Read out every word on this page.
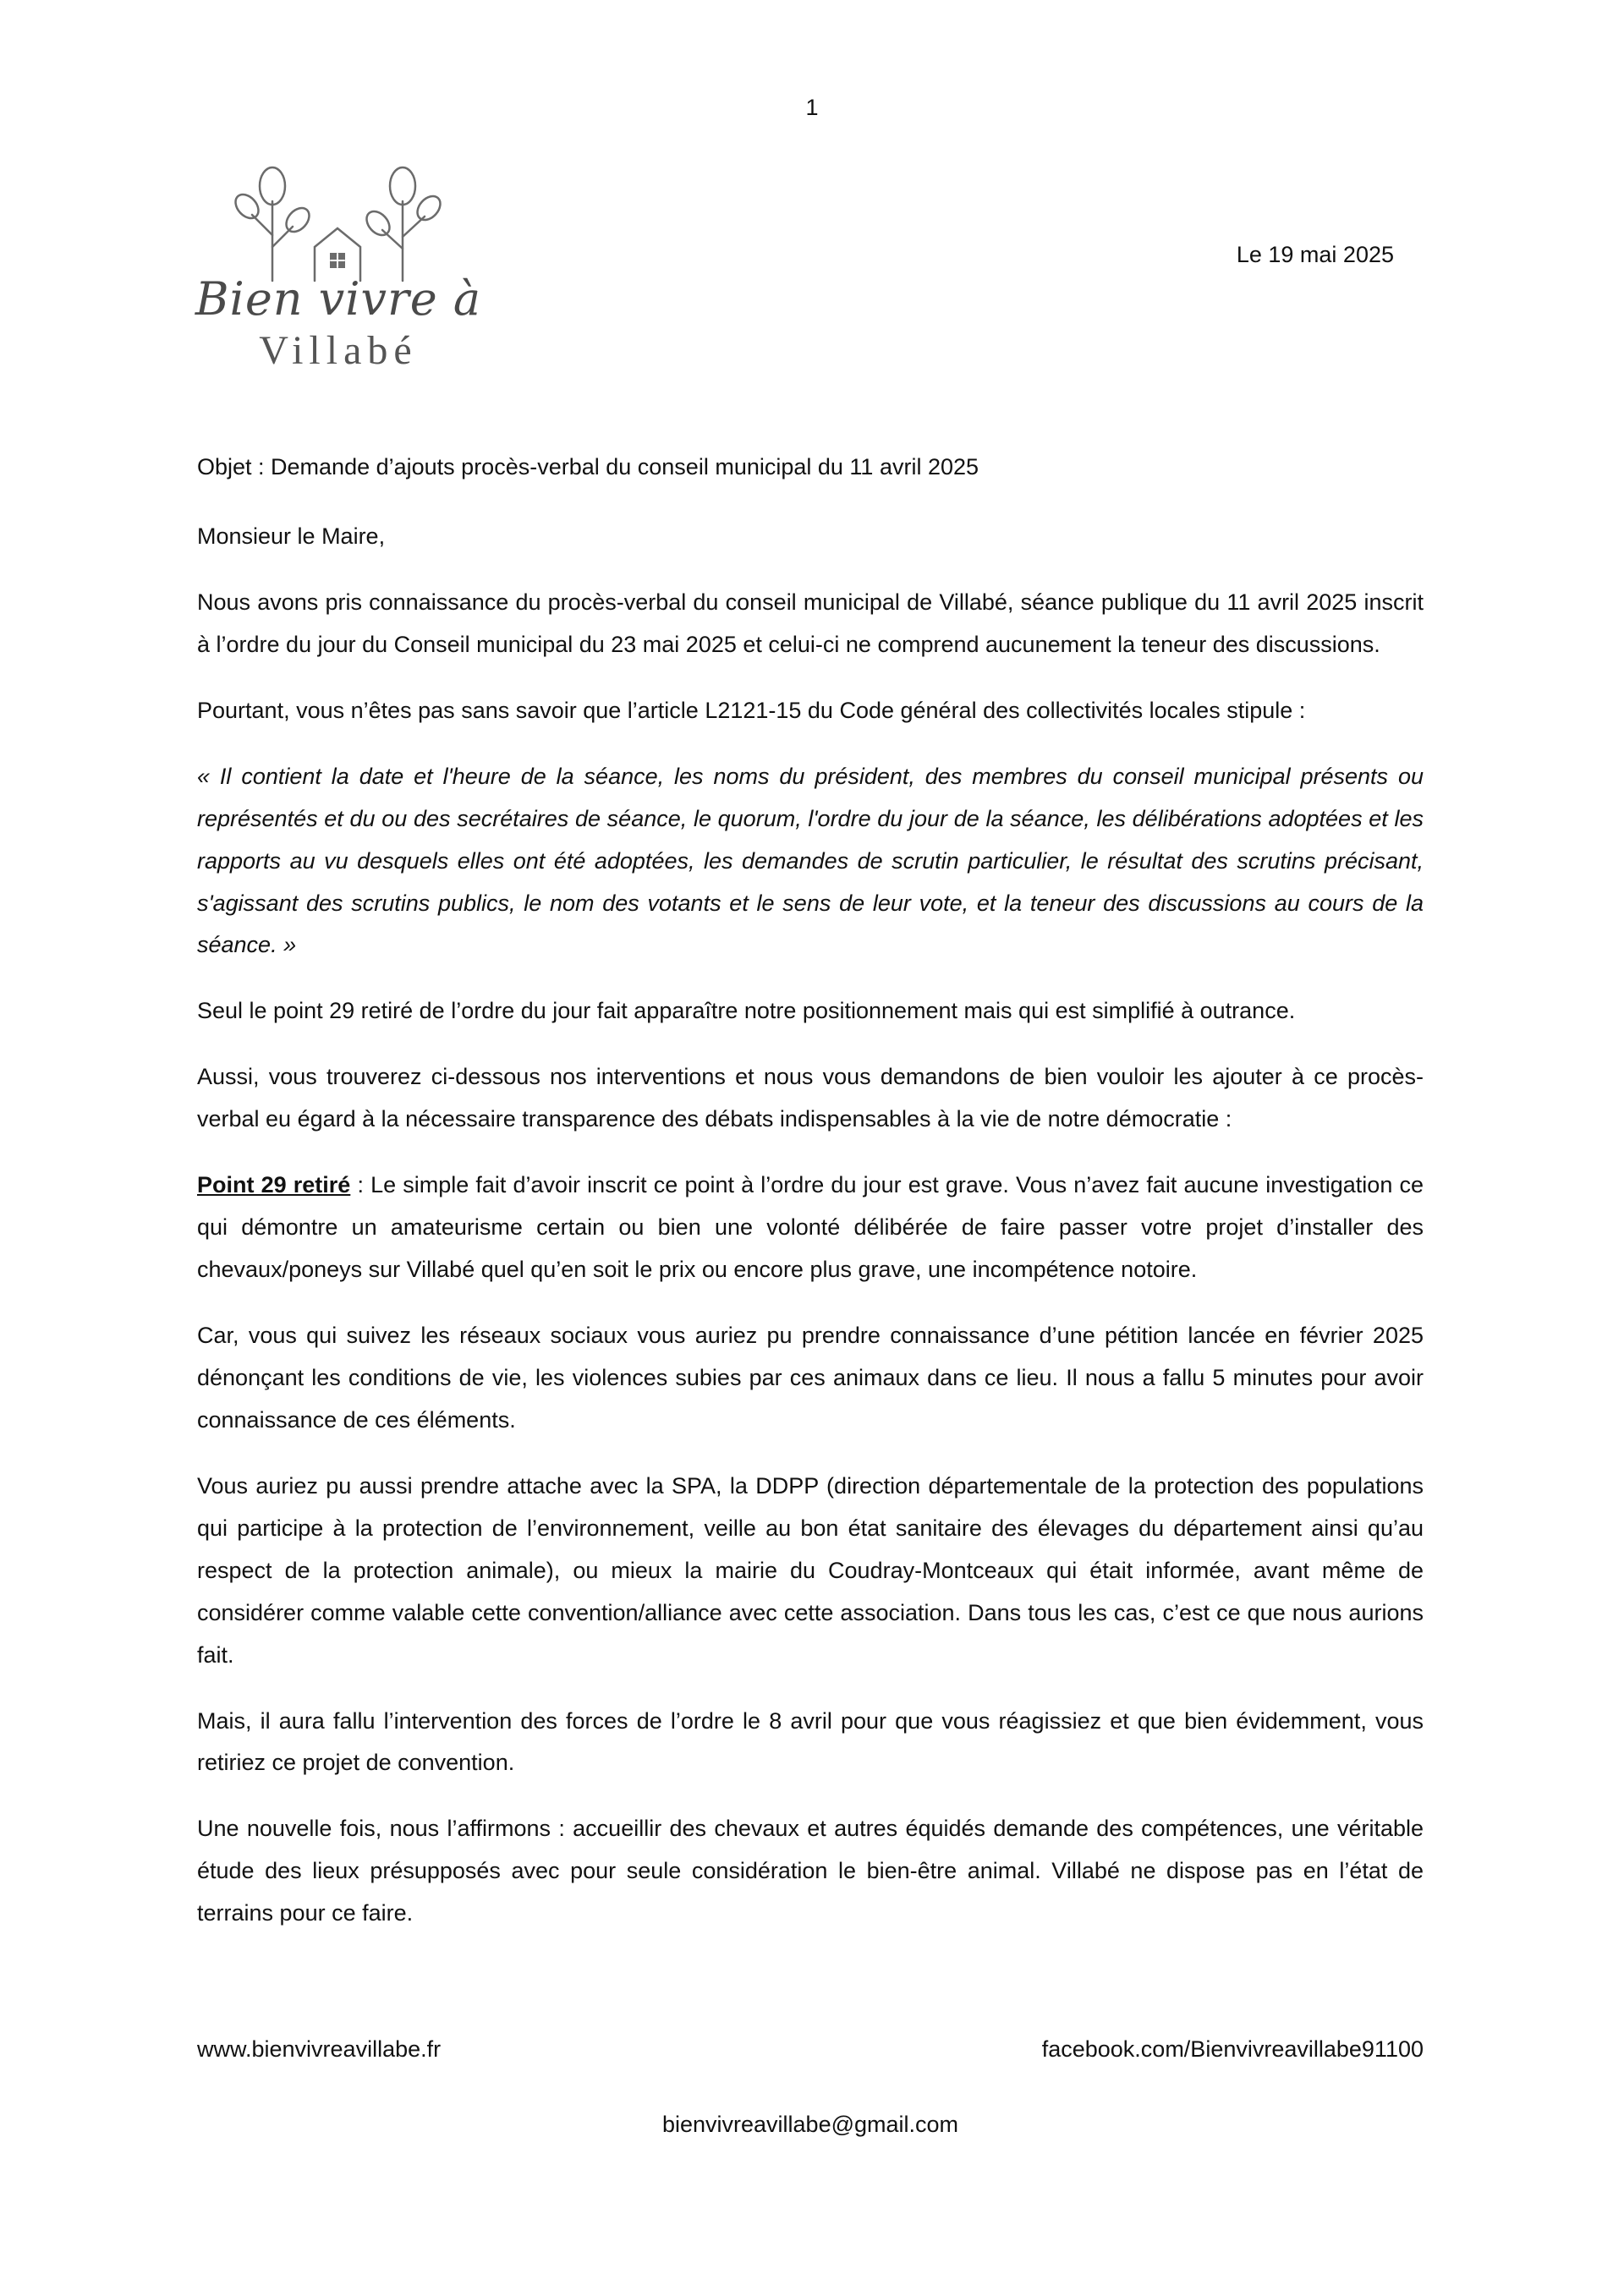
1
Bien vivre à
Villabé
Le 19 mai 2025

Objet : Demande d’ajouts procès-verbal du conseil municipal du 11 avril 2025

Monsieur le Maire,

Nous avons pris connaissance du procès-verbal du conseil municipal de Villabé, séance publique du 11 avril 2025 inscrit à l’ordre du jour du Conseil municipal du 23 mai 2025 et celui-ci ne comprend aucunement la teneur des discussions.

Pourtant, vous n’êtes pas sans savoir que l’article L2121-15 du Code général des collectivités locales stipule :

« Il contient la date et l'heure de la séance, les noms du président, des membres du conseil municipal présents ou représentés et du ou des secrétaires de séance, le quorum, l'ordre du jour de la séance, les délibérations adoptées et les rapports au vu desquels elles ont été adoptées, les demandes de scrutin particulier, le résultat des scrutins précisant, s'agissant des scrutins publics, le nom des votants et le sens de leur vote, et la teneur des discussions au cours de la séance. »

Seul le point 29 retiré de l’ordre du jour fait apparaître notre positionnement mais qui est simplifié à outrance.

Aussi, vous trouverez ci-dessous nos interventions et nous vous demandons de bien vouloir les ajouter à ce procès-verbal eu égard à la nécessaire transparence des débats indispensables à la vie de notre démocratie :

Point 29 retiré : Le simple fait d’avoir inscrit ce point à l’ordre du jour est grave. Vous n’avez fait aucune investigation ce qui démontre un amateurisme certain ou bien une volonté délibérée de faire passer votre projet d’installer des chevaux/poneys sur Villabé quel qu’en soit le prix ou encore plus grave, une incompétence notoire.

Car, vous qui suivez les réseaux sociaux vous auriez pu prendre connaissance d’une pétition lancée en février 2025 dénonçant les conditions de vie, les violences subies par ces animaux dans ce lieu. Il nous a fallu 5 minutes pour avoir connaissance de ces éléments.

Vous auriez pu aussi prendre attache avec la SPA, la DDPP (direction départementale de la protection des populations qui participe à la protection de l’environnement, veille au bon état sanitaire des élevages du département ainsi qu’au respect de la protection animale), ou mieux la mairie du Coudray-Montceaux qui était informée, avant même de considérer comme valable cette convention/alliance avec cette association. Dans tous les cas, c’est ce que nous aurions fait.

Mais, il aura fallu l’intervention des forces de l’ordre le 8 avril pour que vous réagissiez et que bien évidemment, vous retiriez ce projet de convention.

Une nouvelle fois, nous l’affirmons : accueillir des chevaux et autres équidés demande des compétences, une véritable étude des lieux présupposés avec pour seule considération le bien-être animal. Villabé ne dispose pas en l’état de terrains pour ce faire.

www.bienvivreavillabe.fr	facebook.com/Bienvivreavillabe91100
bienvivreavillabe@gmail.com
